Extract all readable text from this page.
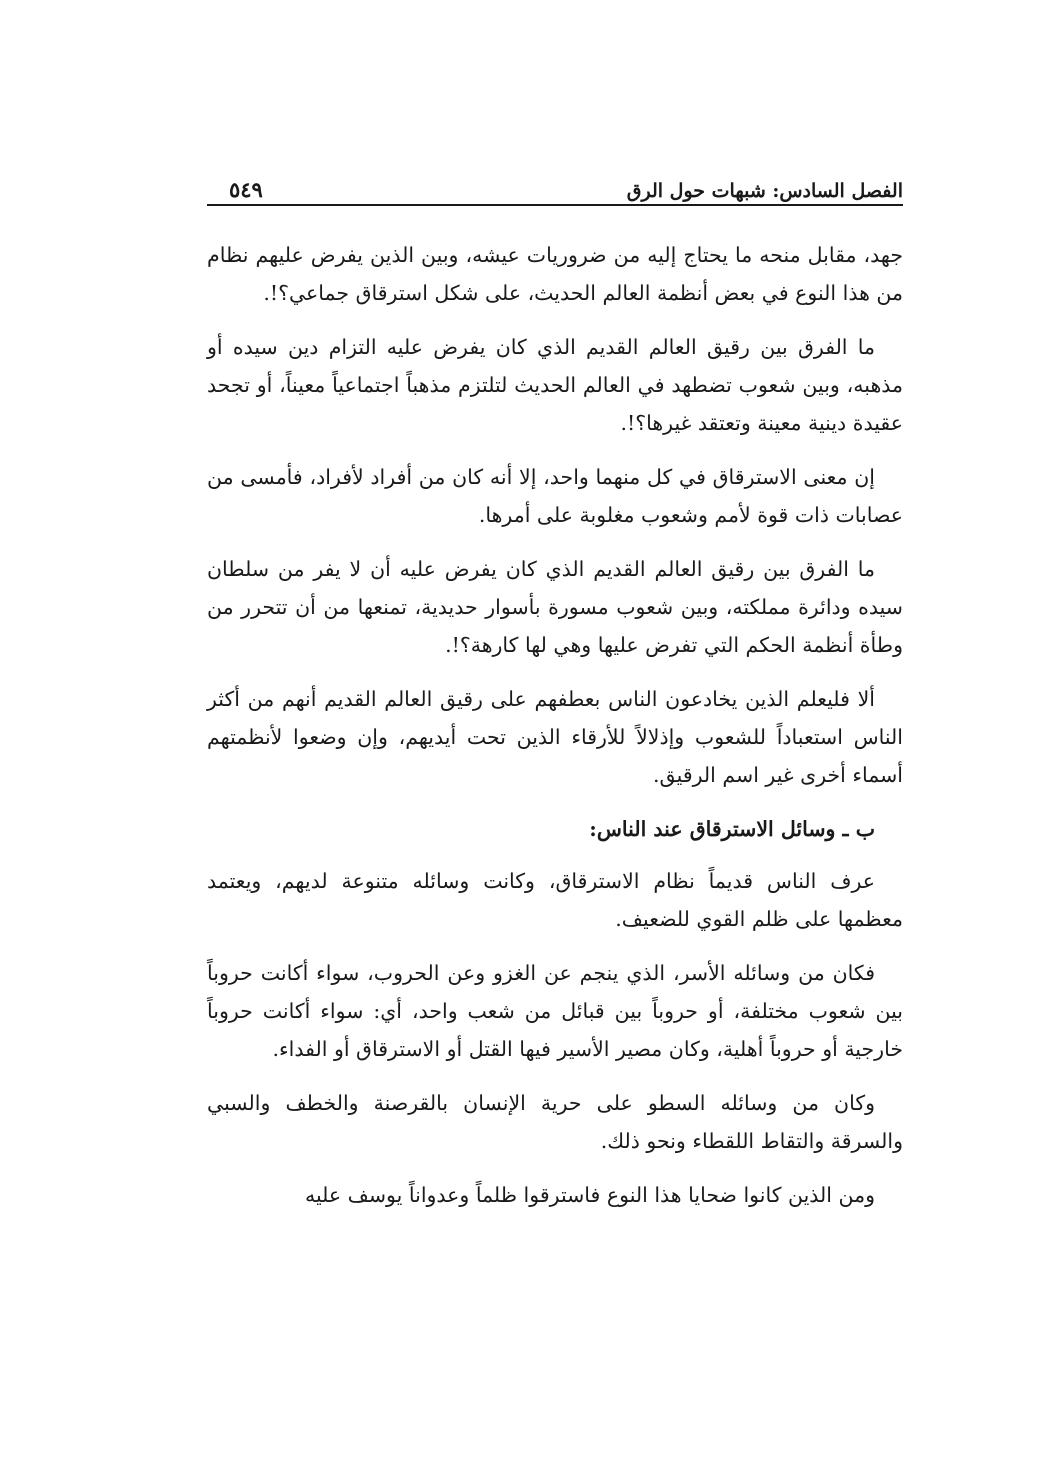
الفصل السادس: شبهات حول الرق
٥٤٩

جهد، مقابل منحه ما يحتاج إليه من ضروريات عيشه، وبين الذين يفرض عليهم نظام من هذا النوع في بعض أنظمة العالم الحديث، على شكل استرقاق جماعي؟!.

ما الفرق بين رقيق العالم القديم الذي كان يفرض عليه التزام دين سيده أو مذهبه، وبين شعوب تضطهد في العالم الحديث لتلتزم مذهباً اجتماعياً معيناً، أو تجحد عقيدة دينية معينة وتعتقد غيرها؟!.

إن معنى الاسترقاق في كل منهما واحد، إلا أنه كان من أفراد لأفراد، فأمسى من عصابات ذات قوة لأمم وشعوب مغلوبة على أمرها.

ما الفرق بين رقيق العالم القديم الذي كان يفرض عليه أن لا يفر من سلطان سيده ودائرة مملكته، وبين شعوب مسورة بأسوار حديدية، تمنعها من أن تتحرر من وطأة أنظمة الحكم التي تفرض عليها وهي لها كارهة؟!.

ألا فليعلم الذين يخادعون الناس بعطفهم على رقيق العالم القديم أنهم من أكثر الناس استعباداً للشعوب وإذلالاً للأرقاء الذين تحت أيديهم، وإن وضعوا لأنظمتهم أسماء أخرى غير اسم الرقيق.

ب ـ وسائل الاسترقاق عند الناس:

عرف الناس قديماً نظام الاسترقاق، وكانت وسائله متنوعة لديهم، ويعتمد معظمها على ظلم القوي للضعيف.

فكان من وسائله الأسر، الذي ينجم عن الغزو وعن الحروب، سواء أكانت حروباً بين شعوب مختلفة، أو حروباً بين قبائل من شعب واحد، أي: سواء أكانت حروباً خارجية أو حروباً أهلية، وكان مصير الأسير فيها القتل أو الاسترقاق أو الفداء.

وكان من وسائله السطو على حرية الإنسان بالقرصنة والخطف والسبي والسرقة والتقاط اللقطاء ونحو ذلك.

ومن الذين كانوا ضحايا هذا النوع فاسترقوا ظلماً وعدواناً يوسف عليه
